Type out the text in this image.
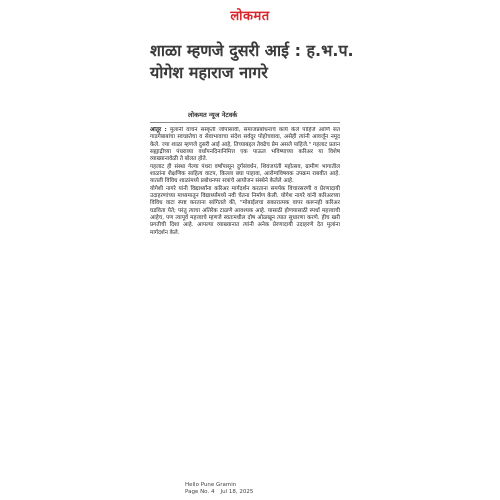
लोकमत
शाळा म्हणजे दुसरी आई : ह.भ.प. योगेश महाराज नागरे
लोकमत न्यूज नेटवर्क

ओतूर : मुलांनी वाचन संस्कृती जोपासावी, समाजप्रबोधनाचे कार्य केले पाहिजे आणि संत गाडगेबाबांचा स्वच्छतेचा व सेवाभावाचा संदेश सर्वदूर पोहोचवावा, असेही त्यांनी आवर्जून नमूद केले. ज्या शाळा म्हणजे दुसरी आई आहे, तिच्याबद्दल तेवढेच प्रेम असले पाहिजे." गहलाट प्रतान सह्याद्रीच्या पंधराव्या वर्धापनदिनानिमित्त एक पाऊल भविष्याच्या करिअर या विशेष व्याख्यानावेळी ते बोलत होते.

गहलाट ही संस्था गेल्या पंधरा वर्षांपासून दुर्गसंवर्धन, शिवजयंती महोत्सव, ग्रामीण भागातील शाळांना शैक्षणिक साहित्य वाटप, किल्ला बघा पाहावा, आरोग्यविषयक उपक्रम राबवीत आहे. यातली विविध शाळांमध्ये प्रबोधनपर सत्रांचे आयोजन संस्थेने केलेले आहे.

योगेशी नागरे यांनी विद्यार्थ्यांना करिअर मार्गदर्शन करताना समर्पक विचारसरणी व प्रेरणादायी उदाहरणांच्या माध्यमातून विद्यार्थ्यांमध्ये नवी चेतना निर्माण केली. योगेश नागरे यांनी करिअरच्या विविध वाटा स्पष्ट करताना सांगितले की, "मोबाईलचा सकारात्मक वापर करूनही करिअर घडविता येते; परंतु त्याचा अतिरेक टाळणे आवश्यक आहे. यासाठी होणयासाठी स्पर्धा महत्त्वाची आहेच, पण त्यापूर्व महत्त्वाचे म्हणजे स्वतःमधील दोष ओळखून त्यात सुधारणा करणे. हीच खरी प्रगतीची दिशा आहे. आपल्या व्याख्यानात त्यांनी अनेक प्रेरणादायी उदाहरणे देत मुलांना मार्गदर्शन केले.

Hello Pune Gramin
Page No. 4 Jul 18, 2025
